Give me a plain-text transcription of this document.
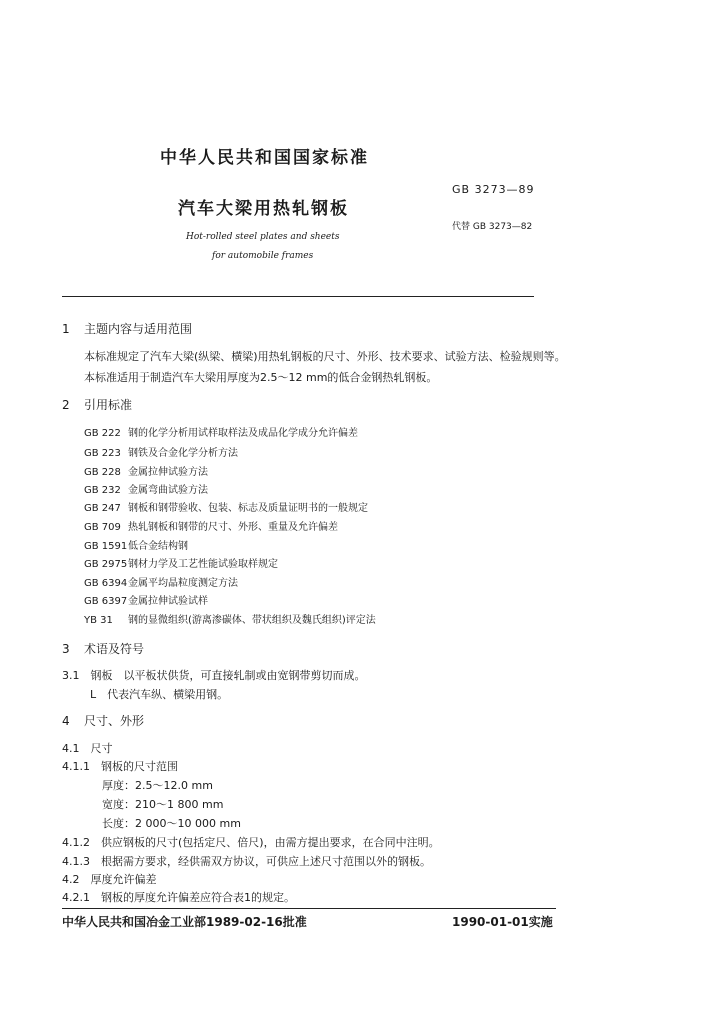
中华人民共和国国家标准
GB 3273—89
汽车大梁用热轧钢板
代替 GB 3273—82
Hot-rolled steel plates and sheets
for automobile frames
1 主题内容与适用范围
本标准规定了汽车大梁(纵梁、横梁)用热轧钢板的尺寸、外形、技术要求、试验方法、检验规则等。
本标准适用于制造汽车大梁用厚度为2.5～12 mm的低合金钢热轧钢板。
2 引用标准
GB 222 钢的化学分析用试样取样法及成品化学成分允许偏差
GB 223 钢铁及合金化学分析方法
GB 228 金属拉伸试验方法
GB 232 金属弯曲试验方法
GB 247 钢板和钢带验收、包装、标志及质量证明书的一般规定
GB 709 热轧钢板和钢带的尺寸、外形、重量及允许偏差
GB 1591低合金结构钢
GB 2975钢材力学及工艺性能试验取样规定
GB 6394金属平均晶粒度测定方法
GB 6397金属拉伸试验试样
YB 31 钢的显微组织(游离渗碳体、带状组织及魏氏组织)评定法
3 术语及符号
3.1　钢板　以平板状供货，可直接轧制或由宽钢带剪切而成。
L　代表汽车纵、横梁用钢。
4 尺寸、外形
4.1　尺寸
4.1.1　钢板的尺寸范围
厚度：2.5～12.0 mm
宽度：210～1 800 mm
长度：2 000～10 000 mm
4.1.2　供应钢板的尺寸(包括定尺、倍尺)，由需方提出要求，在合同中注明。
4.1.3　根据需方要求，经供需双方协议，可供应上述尺寸范围以外的钢板。
4.2　厚度允许偏差
4.2.1　钢板的厚度允许偏差应符合表1的规定。
中华人民共和国冶金工业部1989-02-16批准	1990-01-01实施
